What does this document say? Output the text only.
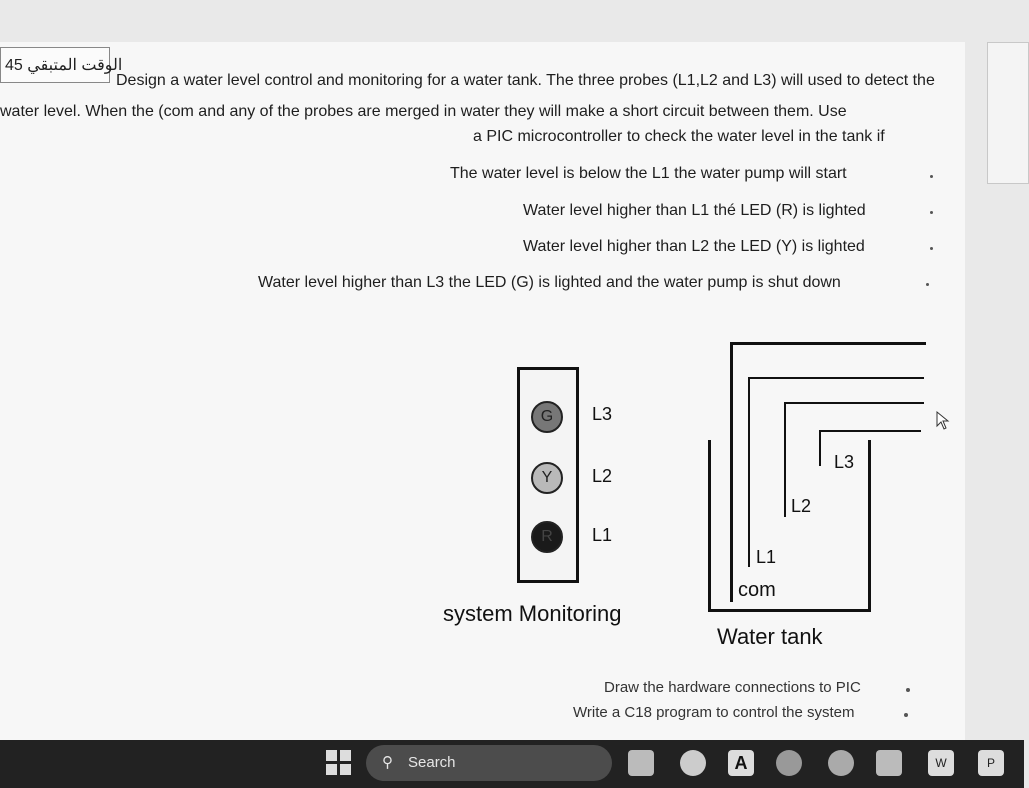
45 الوقت المتبقي
Design a water level control and monitoring for a water tank. The three probes (L1,L2 and L3) will used to detect the
water level. When the (com and any of the probes are merged in water they will make a short circuit between them. Use
a PIC microcontroller to check the water level in the tank if
The water level is below the L1 the water pump will start
Water level higher than L1 thé LED (R) is lighted
Water level higher than L2 the LED (Y) is lighted
Water level higher than L3 the LED (G) is lighted and the water pump is shut down
G	L3
Y	L2
R	L1
system Monitoring
L3
L2
L1
com
Water tank
Draw the hardware connections to PIC
Write a C18 program to control the system
A	W	P
⚲ Search
